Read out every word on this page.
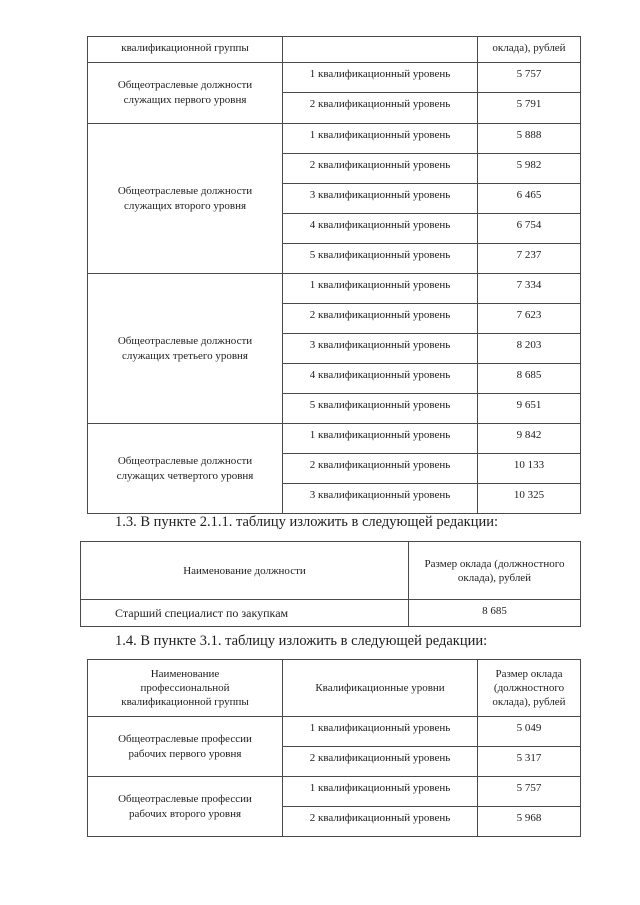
квалификационной группы		оклада), рублей
Общеотраслевые должности служащих первого уровня	1 квалификационный уровень	5 757
	2 квалификационный уровень	5 791
Общеотраслевые должности служащих второго уровня	1 квалификационный уровень	5 888
	2 квалификационный уровень	5 982
	3 квалификационный уровень	6 465
	4 квалификационный уровень	6 754
	5 квалификационный уровень	7 237
Общеотраслевые должности служащих третьего уровня	1 квалификационный уровень	7 334
	2 квалификационный уровень	7 623
	3 квалификационный уровень	8 203
	4 квалификационный уровень	8 685
	5 квалификационный уровень	9 651
Общеотраслевые должности служащих четвертого уровня	1 квалификационный уровень	9 842
	2 квалификационный уровень	10 133
	3 квалификационный уровень	10 325
1.3. В пункте 2.1.1. таблицу изложить в следующей редакции:
Наименование должности	Размер оклада (должностного оклада), рублей
Старший специалист по закупкам	8 685
1.4. В пункте 3.1. таблицу изложить в следующей редакции:
Наименование профессиональной квалификационной группы	Квалификационные уровни	Размер оклада (должностного оклада), рублей
Общеотраслевые профессии рабочих первого уровня	1 квалификационный уровень	5 049
	2 квалификационный уровень	5 317
Общеотраслевые профессии рабочих второго уровня	1 квалификационный уровень	5 757
	2 квалификационный уровень	5 968
